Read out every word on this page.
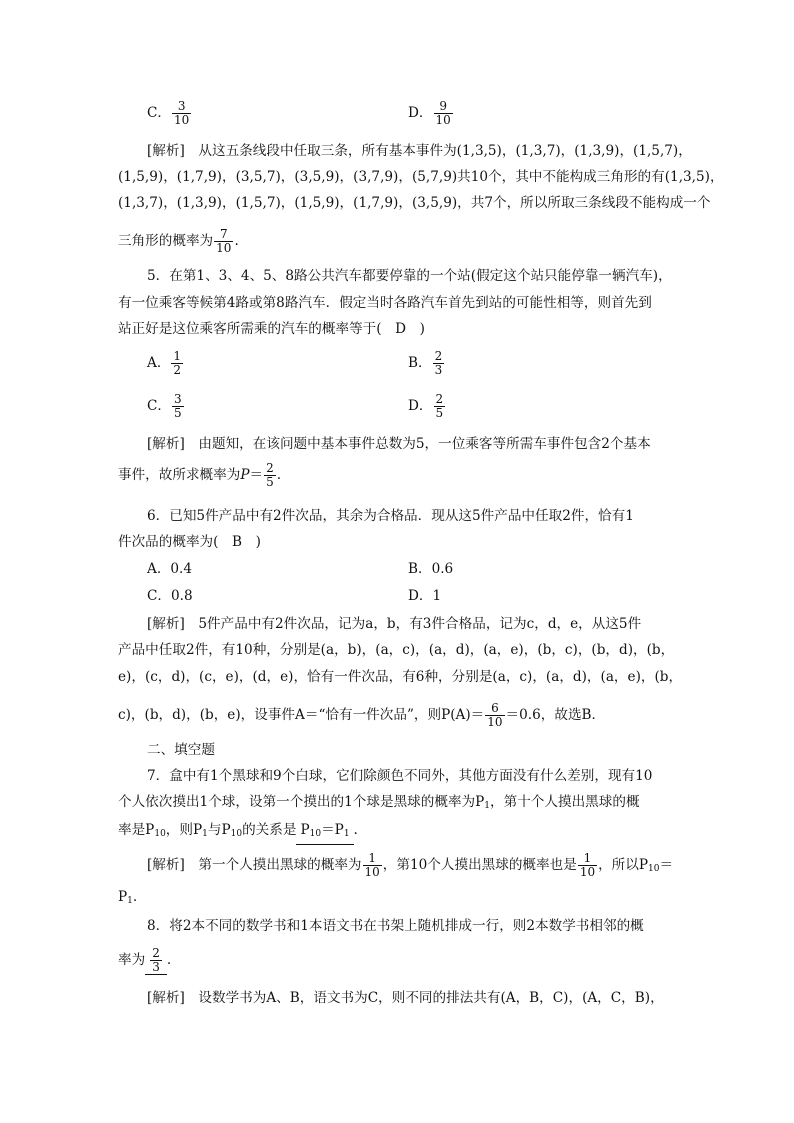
C． $\frac{3}{10}$	D． $\frac{9}{10}$
[解析]　从这五条线段中任取三条，所有基本事件为(1,3,5)，(1,3,7)，(1,3,9)，(1,5,7)，
(1,5,9)，(1,7,9)，(3,5,7)，(3,5,9)，(3,7,9)，(5,7,9)共10个，其中不能构成三角形的有(1,3,5)，
(1,3,7)，(1,3,9)，(1,5,7)，(1,5,9)，(1,7,9)，(3,5,9)，共7个，所以所取三条线段不能构成一个
三角形的概率为 $\frac{7}{10}$ .
5．在第1、3、4、5、8路公共汽车都要停靠的一个站(假定这个站只能停靠一辆汽车)，
有一位乘客等候第4路或第8路汽车．假定当时各路汽车首先到站的可能性相等，则首先到
站正好是这位乘客所需乘的汽车的概率等于(　D　)
A． $\frac{1}{2}$	B． $\frac{2}{3}$
C． $\frac{3}{5}$	D． $\frac{2}{5}$
[解析]　由题知，在该问题中基本事件总数为5，一位乘客等所需车事件包含2个基本
事件，故所求概率为$P= \frac{2}{5}$ .
6．已知5件产品中有2件次品，其余为合格品．现从这5件产品中任取2件，恰有1
件次品的概率为(　B　)
A．0.4	B．0.6
C．0.8	D．1
[解析]　5件产品中有2件次品，记为a，b，有3件合格品，记为c，d，e，从这5件
产品中任取2件，有10种，分别是(a，b)，(a，c)，(a，d)，(a，e)，(b，c)，(b，d)，(b，
e)，(c，d)，(c，e)，(d，e)，恰有一件次品，有6种，分别是(a，c)，(a，d)，(a，e)，(b，
c)，(b，d)，(b，e)，设事件A＝“恰有一件次品”，则$P(A)= \frac{6}{10} =0.6$，故选B．
二、填空题
7．盒中有1个黑球和9个白球，它们除颜色不同外，其他方面没有什么差别，现有10
个人依次摸出1个球，设第一个摸出的1个球是黑球的概率为$P_1$，第十个人摸出黑球的概
率是$P_{10}$，则$P_1$与$P_{10}$的关系是 $P_{10}=P_1$ .
[解析]　第一个人摸出黑球的概率为 $\frac{1}{10}$ ，第10个人摸出黑球的概率也是 $\frac{1}{10}$ ，所以$P_{10}=$
$P_1$.
8．将2本不同的数学书和1本语文书在书架上随机排成一行，则2本数学书相邻的概
率为 $\frac{2}{3}$ .
[解析]　设数学书为A、B，语文书为C，则不同的排法共有(A，B，C)，(A，C，B)，
